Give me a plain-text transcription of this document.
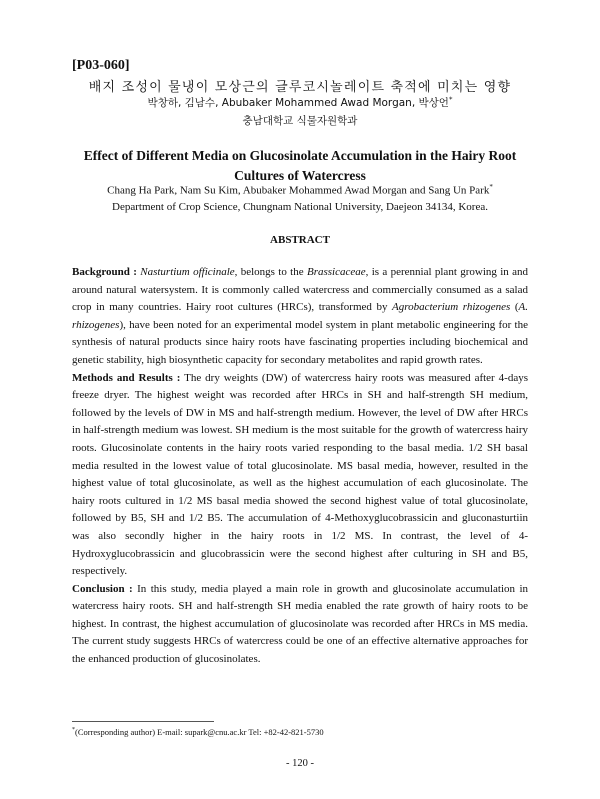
[P03-060]
배지 조성이 물냉이 모상근의 글루코시놀레이트 축적에 미치는 영향
박창하, 김남수, Abubaker Mohammed Awad Morgan, 박상언*
충남대학교 식물자원학과
Effect of Different Media on Glucosinolate Accumulation in the Hairy Root Cultures of Watercress
Chang Ha Park, Nam Su Kim, Abubaker Mohammed Awad Morgan and Sang Un Park*
Department of Crop Science, Chungnam National University, Daejeon 34134, Korea.
ABSTRACT

Background : Nasturtium officinale, belongs to the Brassicaceae, is a perennial plant growing in and around natural watersystem. It is commonly called watercress and commercially consumed as a salad crop in many countries. Hairy root cultures (HRCs), transformed by Agrobacterium rhizogenes (A. rhizogenes), have been noted for an experimental model system in plant metabolic engineering for the synthesis of natural products since hairy roots have fascinating properties including biochemical and genetic stability, high biosynthetic capacity for secondary metabolites and rapid growth rates.

Methods and Results : The dry weights (DW) of watercress hairy roots was measured after 4-days freeze dryer. The highest weight was recorded after HRCs in SH and half-strength SH medium, followed by the levels of DW in MS and half-strength medium. However, the level of DW after HRCs in half-strength medium was lowest. SH medium is the most suitable for the growth of watercress hairy roots. Glucosinolate contents in the hairy roots varied responding to the basal media. 1/2 SH basal media resulted in the lowest value of total glucosinolate. MS basal media, however, resulted in the highest value of total glucosinolate, as well as the highest accumulation of each glucosinolate. The hairy roots cultured in 1/2 MS basal media showed the second highest value of total glucosinolate, followed by B5, SH and 1/2 B5. The accumulation of 4-Methoxyglucobrassicin and gluconasturtiin was also secondly higher in the hairy roots in 1/2 MS. In contrast, the level of 4-Hydroxyglucobrassicin and glucobrassicin were the second highest after culturing in SH and B5, respectively.

Conclusion : In this study, media played a main role in growth and glucosinolate accumulation in watercress hairy roots. SH and half-strength SH media enabled the rate growth of hairy roots to be highest. In contrast, the highest accumulation of glucosinolate was recorded after HRCs in MS media. The current study suggests HRCs of watercress could be one of an effective alternative approaches for the enhanced production of glucosinolates.

*(Corresponding author) E-mail: supark@cnu.ac.kr Tel: +82-42-821-5730
- 120 -
